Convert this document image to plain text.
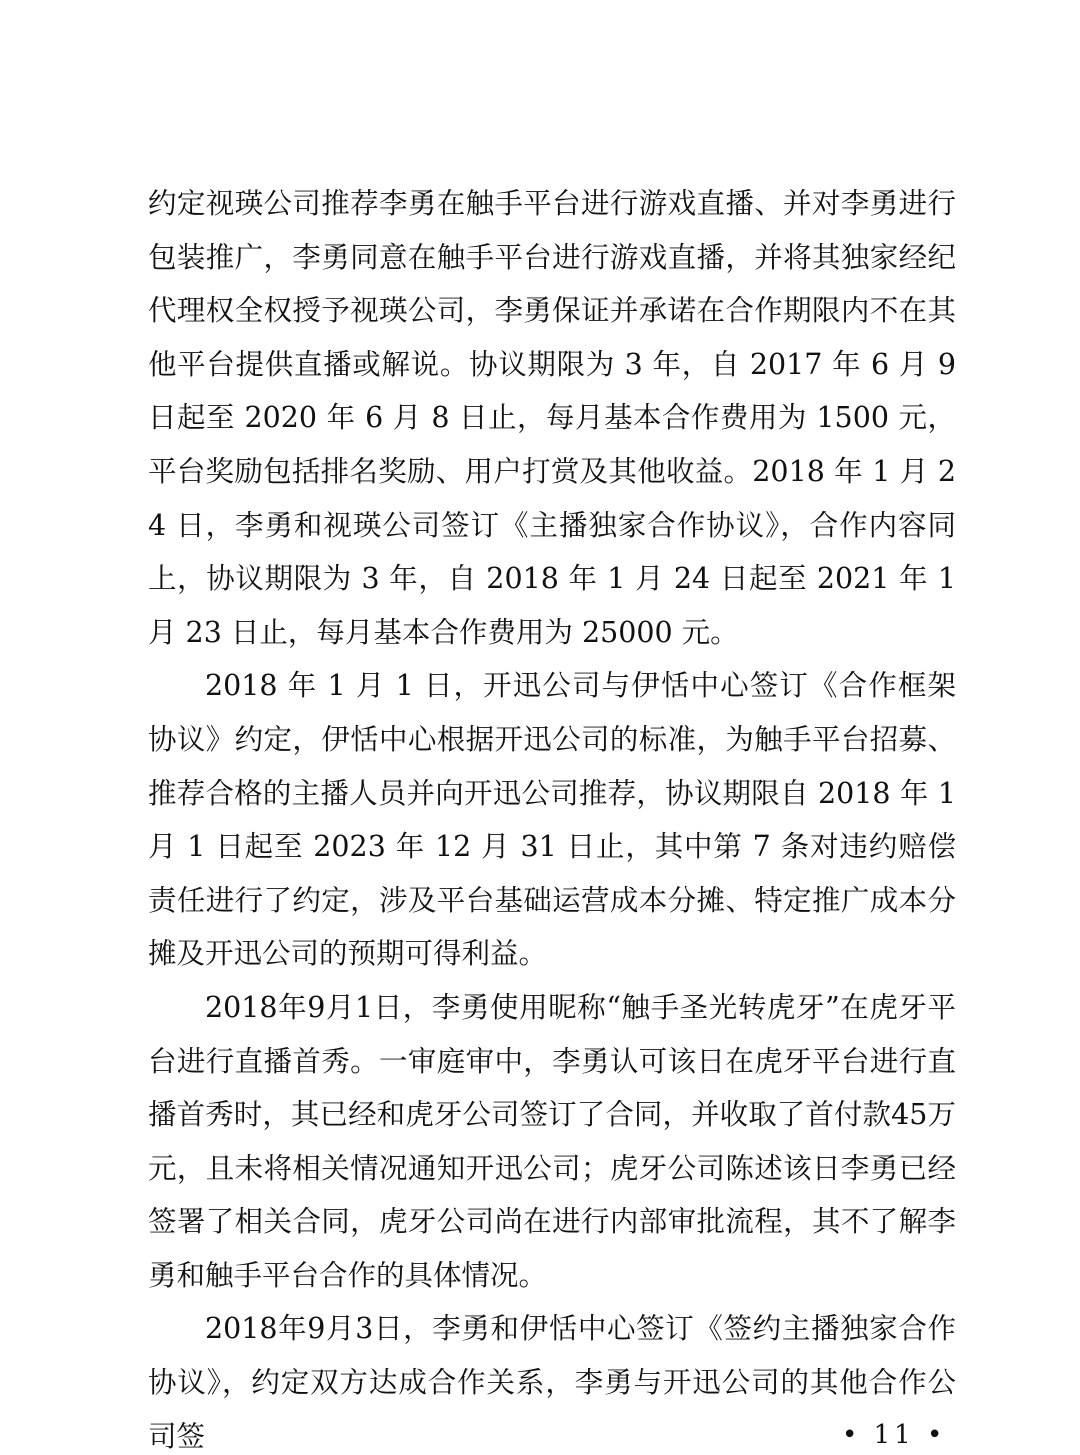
约定视瑛公司推荐李勇在触手平台进行游戏直播、并对李勇进行包装推广，李勇同意在触手平台进行游戏直播，并将其独家经纪代理权全权授予视瑛公司，李勇保证并承诺在合作期限内不在其他平台提供直播或解说。协议期限为 3 年，自 2017 年 6 月 9 日起至 2020 年 6 月 8 日止，每月基本合作费用为 1500 元，平台奖励包括排名奖励、用户打赏及其他收益。2018 年 1 月 24 日，李勇和视瑛公司签订《主播独家合作协议》，合作内容同上，协议期限为 3 年，自 2018 年 1 月 24 日起至 2021 年 1 月 23 日止，每月基本合作费用为 25000 元。

2018 年 1 月 1 日，开迅公司与伊恬中心签订《合作框架协议》约定，伊恬中心根据开迅公司的标准，为触手平台招募、推荐合格的主播人员并向开迅公司推荐，协议期限自 2018 年 1 月 1 日起至 2023 年 12 月 31 日止，其中第 7 条对违约赔偿责任进行了约定，涉及平台基础运营成本分摊、特定推广成本分摊及开迅公司的预期可得利益。

2018年9月1日，李勇使用昵称“触手圣光转虎牙”在虎牙平台进行直播首秀。一审庭审中，李勇认可该日在虎牙平台进行直播首秀时，其已经和虎牙公司签订了合同，并收取了首付款45万元，且未将相关情况通知开迅公司；虎牙公司陈述该日李勇已经签署了相关合同，虎牙公司尚在进行内部审批流程，其不了解李勇和触手平台合作的具体情况。

2018年9月3日，李勇和伊恬中心签订《签约主播独家合作协议》，约定双方达成合作关系，李勇与开迅公司的其他合作公司签	• 11 •
